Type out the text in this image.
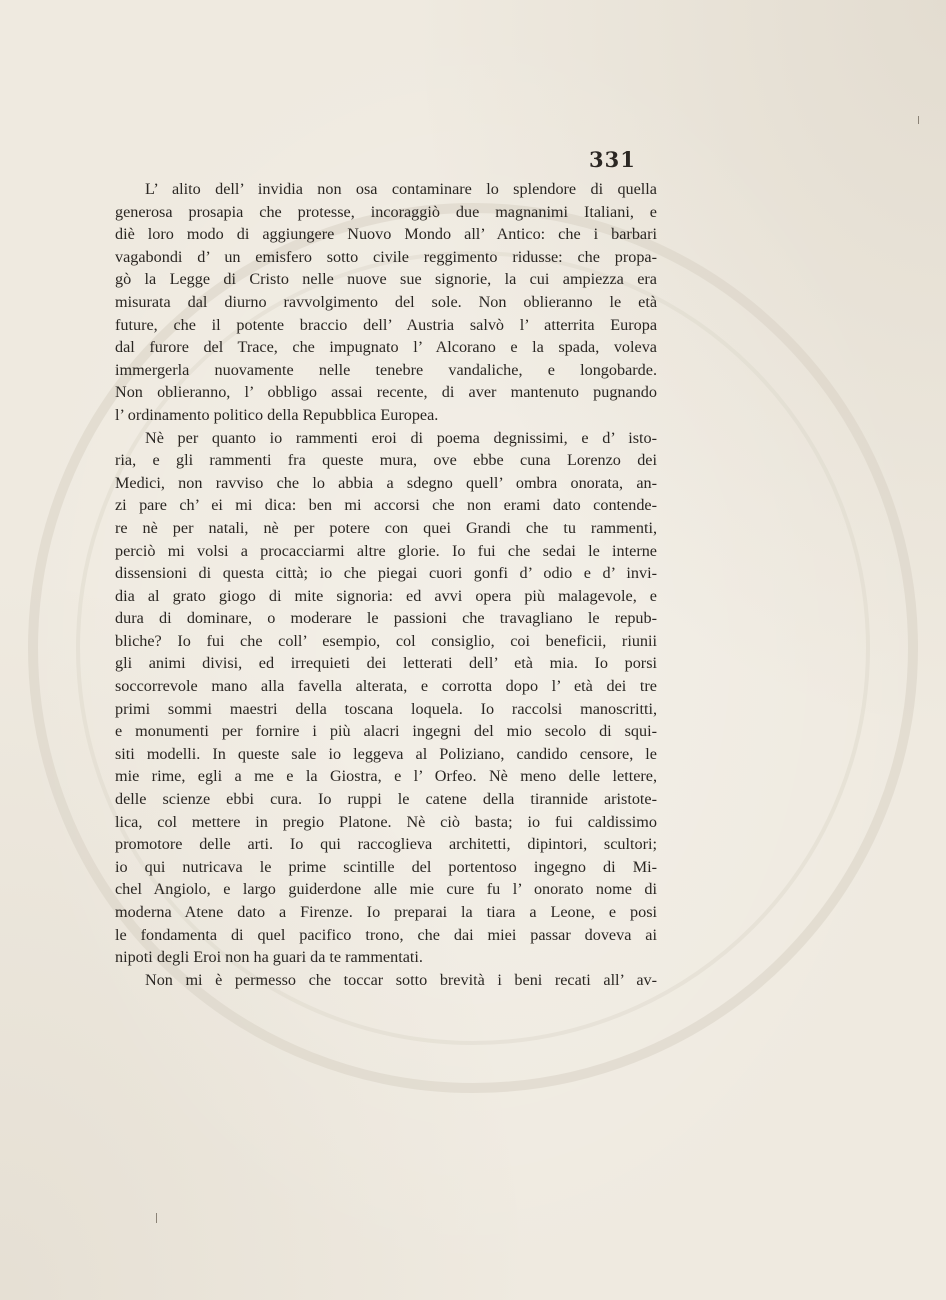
331
L’ alito dell’ invidia non osa contaminare lo splendore di quella
generosa prosapia che protesse, incoraggiò due magnanimi Italiani, e
diè loro modo di aggiungere Nuovo Mondo all’ Antico: che i barbari
vagabondi d’ un emisfero sotto civile reggimento ridusse: che propa-
gò la Legge di Cristo nelle nuove sue signorie, la cui ampiezza era
misurata dal diurno ravvolgimento del sole. Non oblieranno le età
future, che il potente braccio dell’ Austria salvò l’ atterrita Europa
dal furore del Trace, che impugnato l’ Alcorano e la spada, voleva
immergerla nuovamente nelle tenebre vandaliche, e longobarde.
Non oblieranno, l’ obbligo assai recente, di aver mantenuto pugnando
l’ ordinamento politico della Repubblica Europea.
Nè per quanto io rammenti eroi di poema degnissimi, e d’ isto-
ria, e gli rammenti fra queste mura, ove ebbe cuna Lorenzo dei
Medici, non ravviso che lo abbia a sdegno quell’ ombra onorata, an-
zi pare ch’ ei mi dica: ben mi accorsi che non erami dato contende-
re nè per natali, nè per potere con quei Grandi che tu rammenti,
perciò mi volsi a procacciarmi altre glorie. Io fui che sedai le interne
dissensioni di questa città; io che piegai cuori gonfi d’ odio e d’ invi-
dia al grato giogo di mite signoria: ed avvi opera più malagevole, e
dura di dominare, o moderare le passioni che travagliano le repub-
bliche? Io fui che coll’ esempio, col consiglio, coi beneficii, riunii
gli animi divisi, ed irrequieti dei letterati dell’ età mia. Io porsi
soccorrevole mano alla favella alterata, e corrotta dopo l’ età dei tre
primi sommi maestri della toscana loquela. Io raccolsi manoscritti,
e monumenti per fornire i più alacri ingegni del mio secolo di squi-
siti modelli. In queste sale io leggeva al Poliziano, candido censore, le
mie rime, egli a me e la Giostra, e l’ Orfeo. Nè meno delle lettere,
delle scienze ebbi cura. Io ruppi le catene della tirannide aristote-
lica, col mettere in pregio Platone. Nè ciò basta; io fui caldissimo
promotore delle arti. Io qui raccoglieva architetti, dipintori, scultori;
io qui nutricava le prime scintille del portentoso ingegno di Mi-
chel Angiolo, e largo guiderdone alle mie cure fu l’ onorato nome di
moderna Atene dato a Firenze. Io preparai la tiara a Leone, e posi
le fondamenta di quel pacifico trono, che dai miei passar doveva ai
nipoti degli Eroi non ha guari da te rammentati.
Non mi è permesso che toccar sotto brevità i beni recati all’ av-
